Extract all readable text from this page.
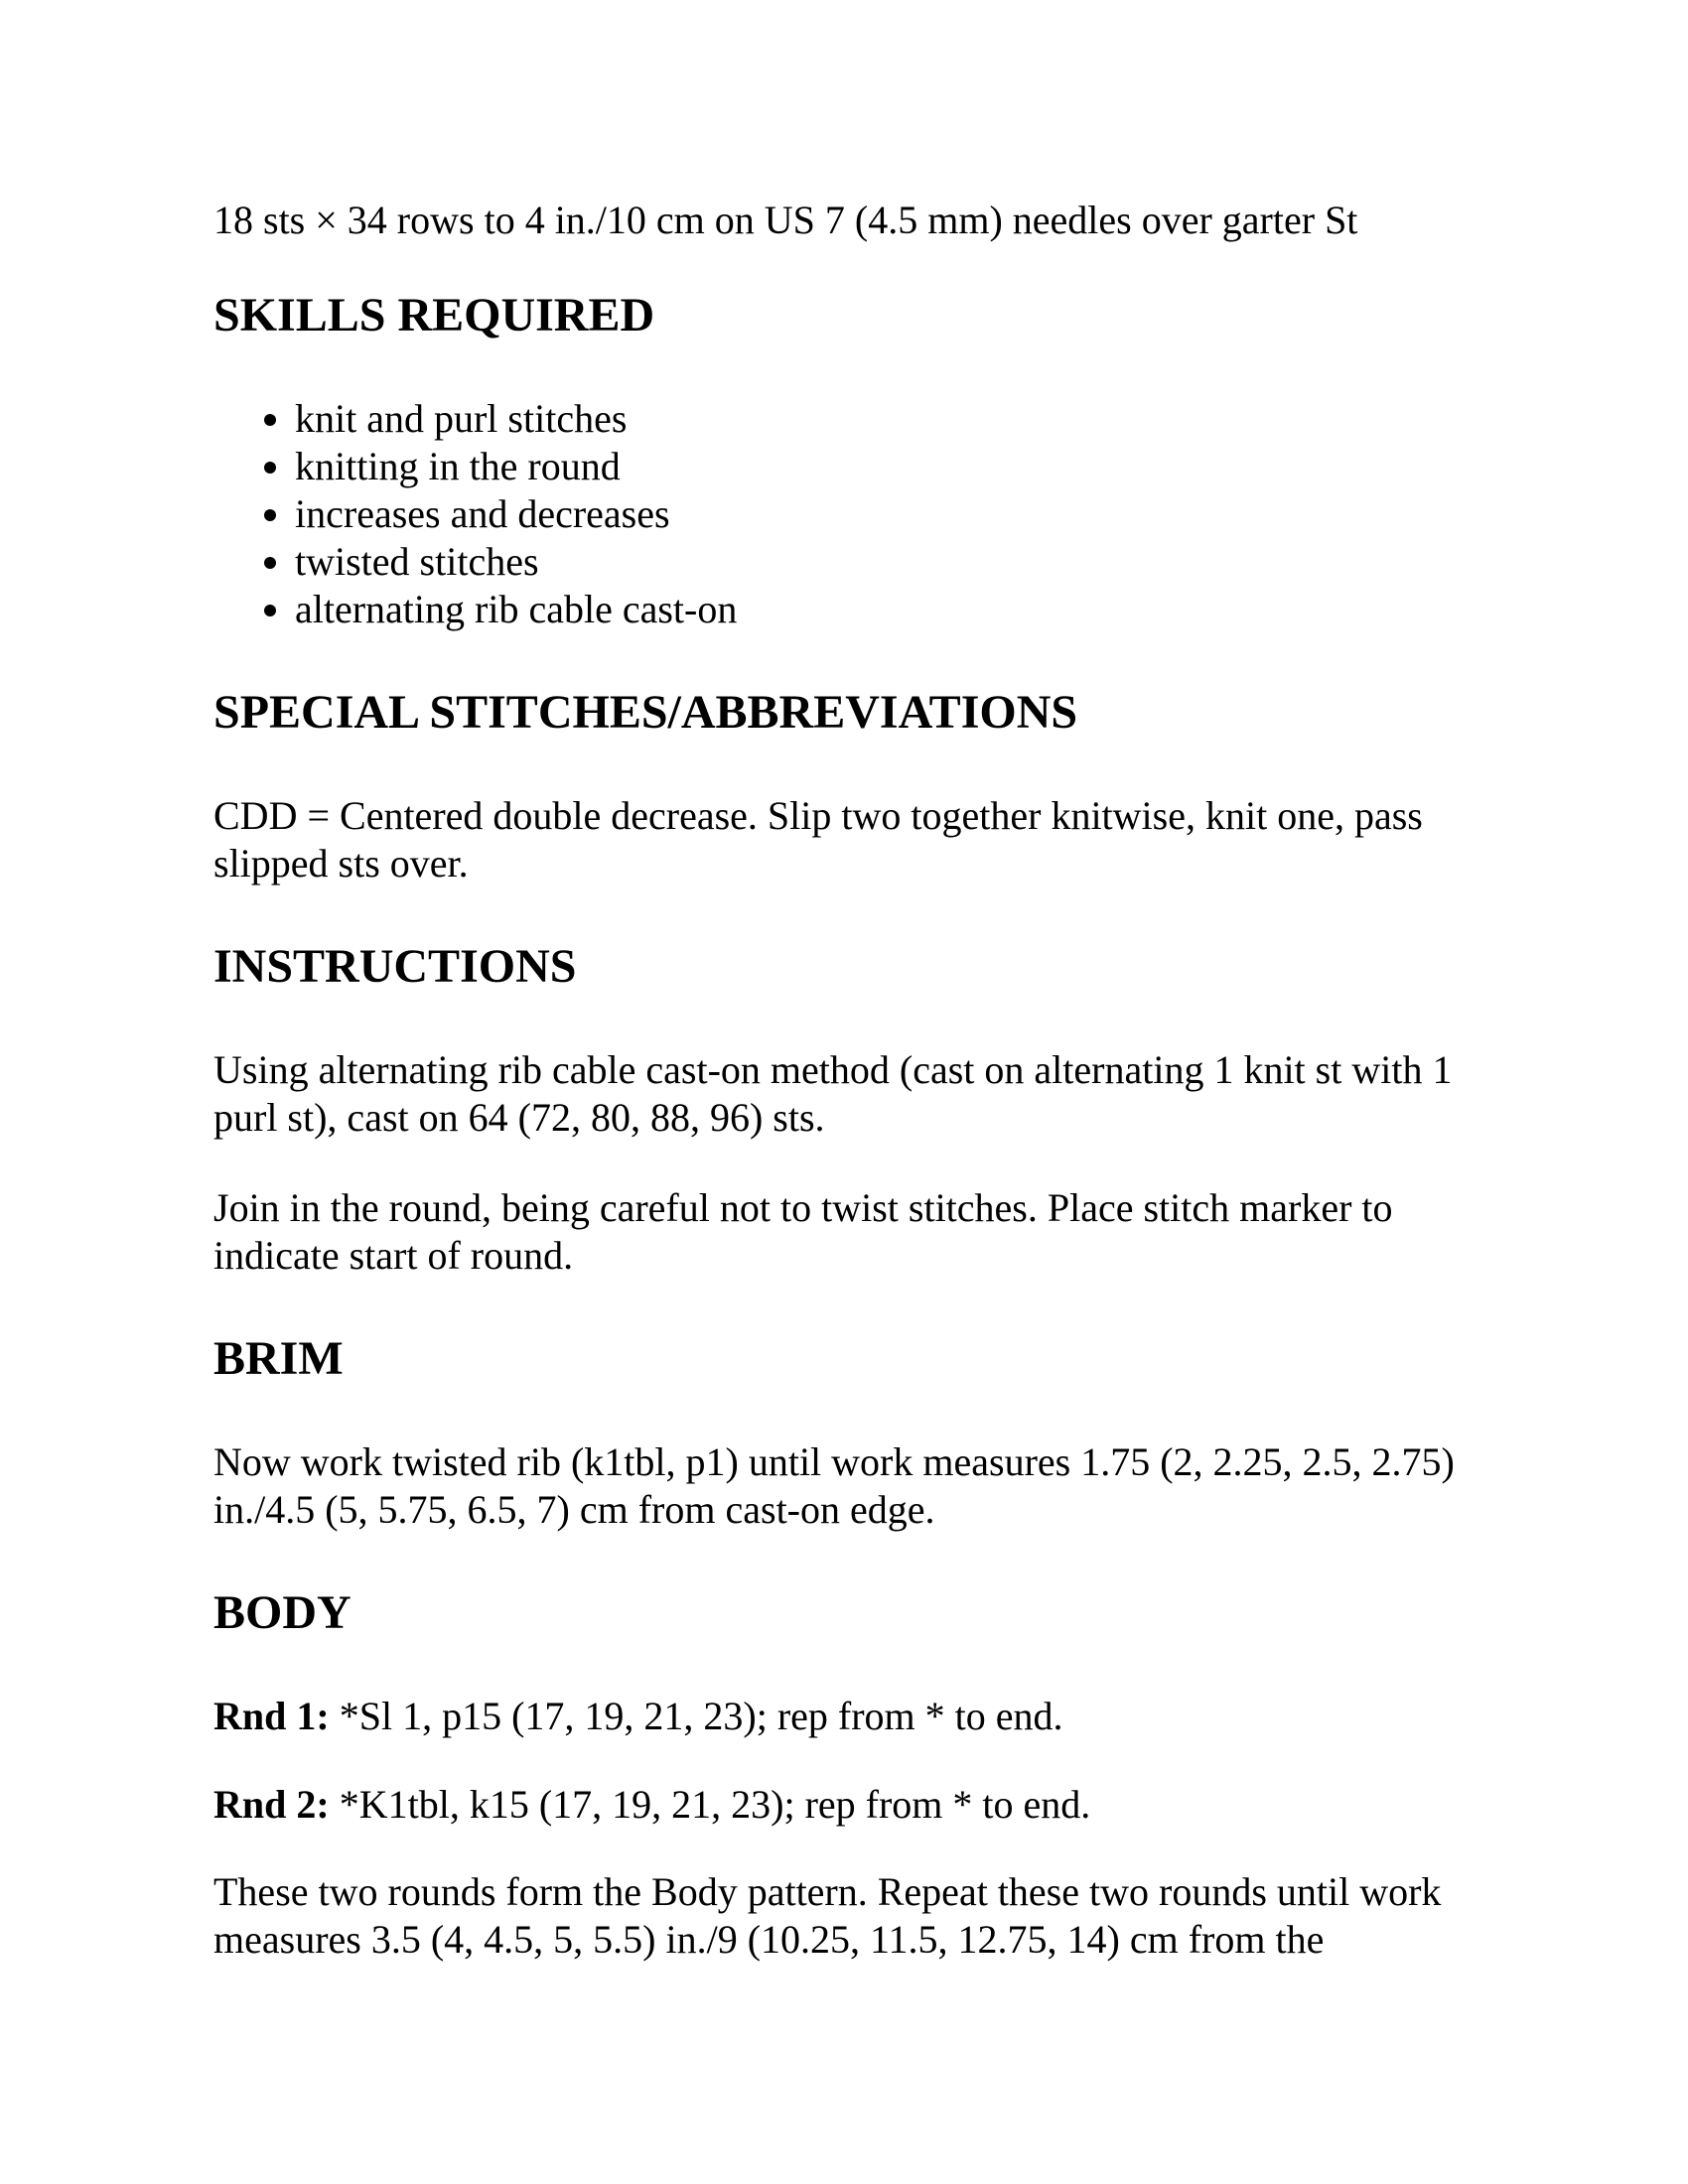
18 sts × 34 rows to 4 in./10 cm on US 7 (4.5 mm) needles over garter St

SKILLS REQUIRED
• knit and purl stitches
• knitting in the round
• increases and decreases
• twisted stitches
• alternating rib cable cast-on
SPECIAL STITCHES/ABBREVIATIONS

CDD = Centered double decrease. Slip two together knitwise, knit one, pass slipped sts over.

INSTRUCTIONS

Using alternating rib cable cast-on method (cast on alternating 1 knit st with 1 purl st), cast on 64 (72, 80, 88, 96) sts.

Join in the round, being careful not to twist stitches. Place stitch marker to indicate start of round.

BRIM

Now work twisted rib (k1tbl, p1) until work measures 1.75 (2, 2.25, 2.5, 2.75) in./4.5 (5, 5.75, 6.5, 7) cm from cast-on edge.

BODY

Rnd 1: *Sl 1, p15 (17, 19, 21, 23); rep from * to end.

Rnd 2: *K1tbl, k15 (17, 19, 21, 23); rep from * to end.

These two rounds form the Body pattern. Repeat these two rounds until work measures 3.5 (4, 4.5, 5, 5.5) in./9 (10.25, 11.5, 12.75, 14) cm from the
